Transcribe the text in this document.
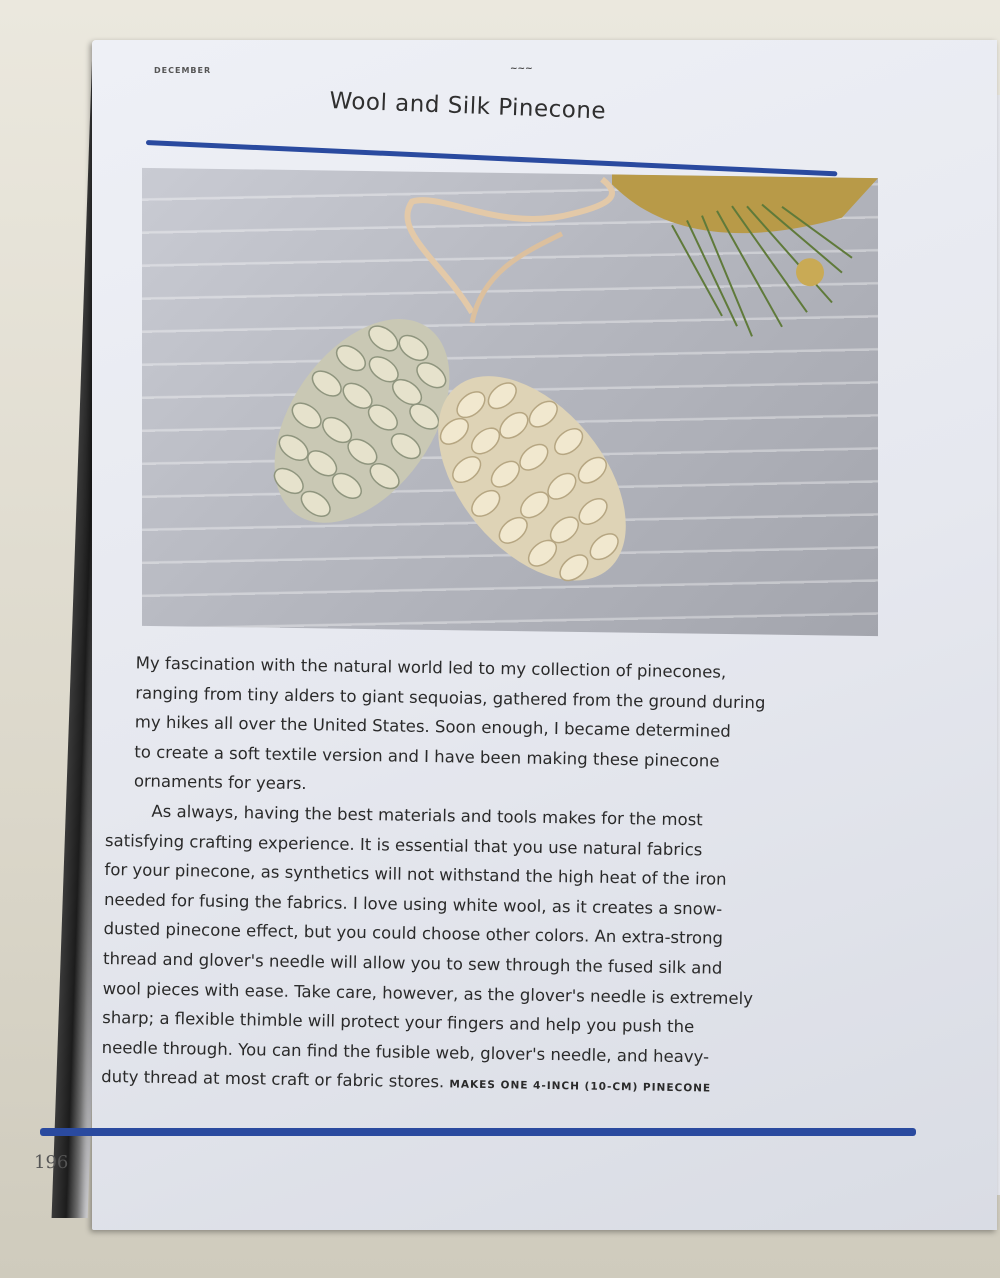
DECEMBER	~~~
Wool and Silk Pinecone

My fascination with the natural world led to my collection of pinecones,

ranging from tiny alders to giant sequoias, gathered from the ground during

my hikes all over the United States. Soon enough, I became determined

to create a soft textile version and I have been making these pinecone

ornaments for years.

As always, having the best materials and tools makes for the most

satisfying crafting experience. It is essential that you use natural fabrics

for your pinecone, as synthetics will not withstand the high heat of the iron

needed for fusing the fabrics. I love using white wool, as it creates a snow-

dusted pinecone effect, but you could choose other colors. An extra-strong

thread and glover's needle will allow you to sew through the fused silk and

wool pieces with ease. Take care, however, as the glover's needle is extremely

sharp; a flexible thimble will protect your fingers and help you push the

needle through. You can find the fusible web, glover's needle, and heavy-

duty thread at most craft or fabric stores. MAKES ONE 4-INCH (10-CM) PINECONE

196
